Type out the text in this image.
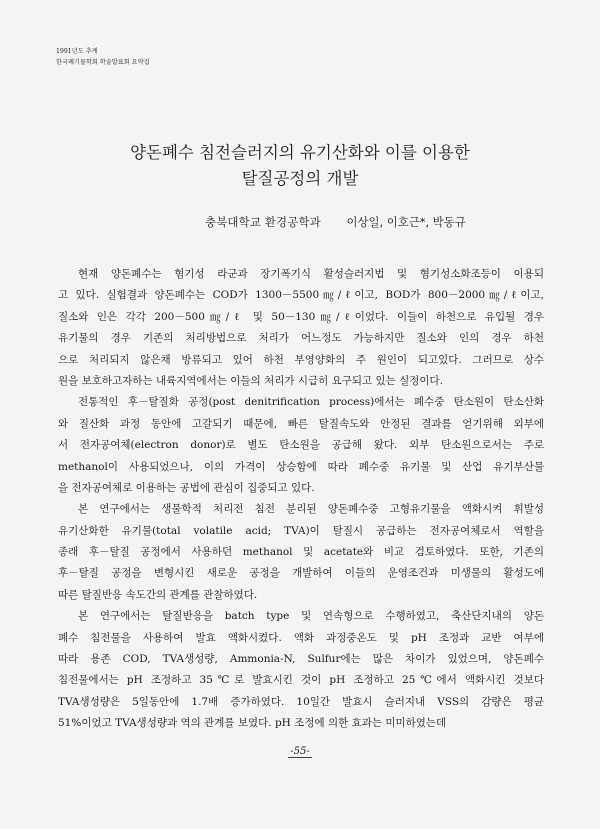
1991년도 추계
한국폐기물학회 학술발표회 요약집
양돈폐수 침전슬러지의 유기산화와 이를 이용한
탈질공정의 개발
충북대학교 환경공학과 이상일, 이호근*, 박동규
현재 양돈폐수는 혐기성 라군과 장기폭기식 활성슬러지법 및 혐기성소화조등이 이용되
고 있다. 실험결과 양돈폐수는 COD가 1300－5500㎎/ℓ이고, BOD가 800－2000㎎/ℓ이고,
질소와 인은 각각 200－500㎎/ℓ 및 50－130㎎/ℓ이었다. 이들이 하천으로 유입될 경우
유기물의 경우 기존의 처리방법으로 처리가 어느정도 가능하지만 질소와 인의 경우 하천
으로 처리되지 않은채 방류되고 있어 하천 부영양화의 주 원인이 되고있다. 그러므로 상수
원을 보호하고자하는 내륙지역에서는 이들의 처리가 시급히 요구되고 있는 실정이다.
전통적인 후－탈질화 공정(post denitrification process)에서는 폐수중 탄소원이 탄소산화
와 질산화 과정 동안에 고갈되기 때문에, 빠른 탈질속도와 안정된 결과를 얻기위해 외부에
서 전자공여체(electron donor)로 별도 탄소원을 공급해 왔다. 외부 탄소원으로서는 주로
methanol이 사용되었으나, 이의 가격이 상승함에 따라 폐수중 유기물 및 산업 유기부산물
을 전자공여체로 이용하는 공법에 관심이 집중되고 있다.
본 연구에서는 생물학적 처리전 침전 분리된 양돈폐수중 고형유기물을 액화시켜 휘발성
유기산화한 유기물(total volatile acid; TVA)이 탈질시 공급하는 전자공여체로서 역할을
종래 후－탈질 공정에서 사용하던 methanol 및 acetate와 비교 검토하였다. 또한, 기존의
후－탈질 공정을 변형시킨 새로운 공정을 개발하여 이들의 운영조건과 미생물의 활성도에
따른 탈질반응 속도간의 관계를 관찰하였다.
본 연구에서는 탈질반응을 batch type 및 연속형으로 수행하였고, 축산단지내의 양돈
폐수 침전물을 사용하여 발효 액화시켰다. 액화 과정중온도 및 pH 조정과 교반 여부에
따라 용존 COD, TVA생성량, Ammonia-N, Sulfur에는 많은 차이가 있었으며, 양돈폐수
침전물에서는 pH 조정하고 35℃로 발효시킨 것이 pH 조정하고 25℃에서 액화시킨 것보다
TVA생성량은 5일동안에 1.7배 증가하였다. 10일간 발효시 슬러지내 VSS의 감량은 평균
51%이었고 TVA생성량과 역의 관계를 보였다. pH 조정에 의한 효과는 미미하였는데
-55-
